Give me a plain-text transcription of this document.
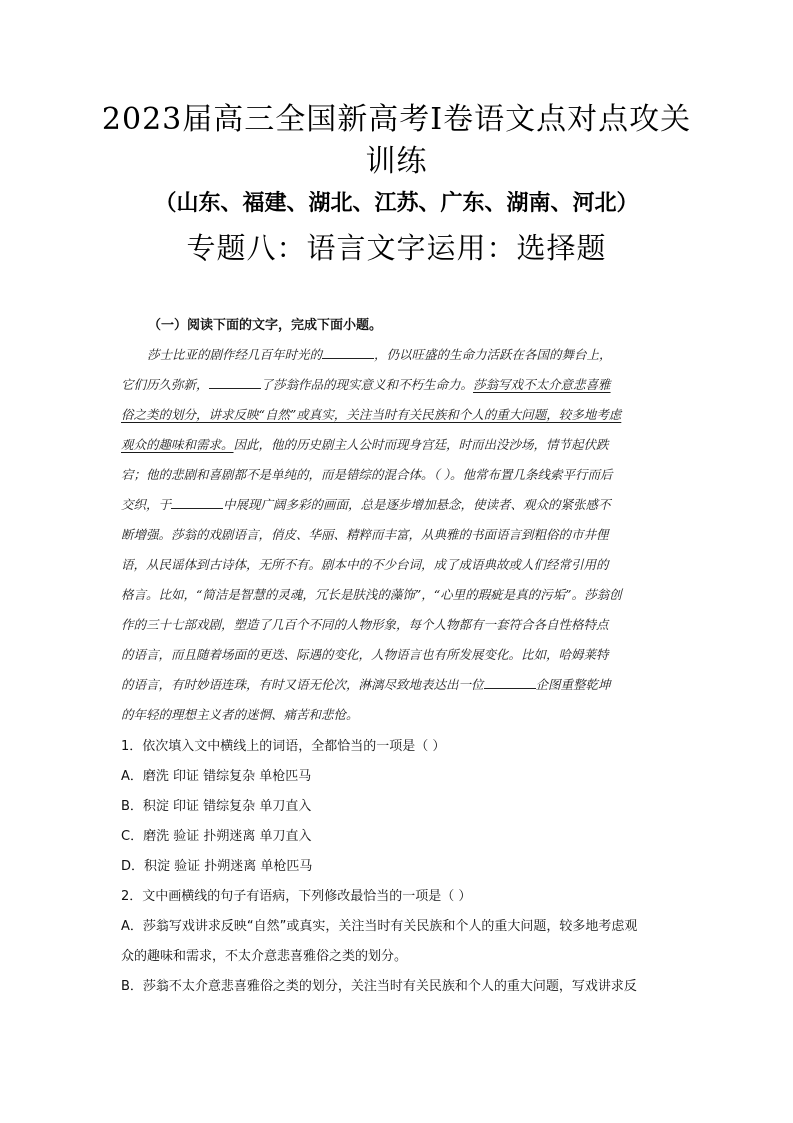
2023届高三全国新高考Ⅰ卷语文点对点攻关
训练
（山东、福建、湖北、江苏、广东、湖南、河北）
专题八：语言文字运用：选择题
（一）阅读下面的文字，完成下面小题。
莎士比亚的剧作经几百年时光的	，仍以旺盛的生命力活跃在各国的舞台上，
它们历久弥新，	了莎翁作品的现实意义和不朽生命力。莎翁写戏不太介意悲喜雅
俗之类的划分，讲求反映“自然”或真实，关注当时有关民族和个人的重大问题，较多地考虑
观众的趣味和需求。因此，他的历史剧主人公时而现身宫廷，时而出没沙场，情节起伏跌
宕；他的悲剧和喜剧都不是单纯的，而是错综的混合体。（ ）。他常布置几条线索平行而后
交织，于	中展现广阔多彩的画面，总是逐步增加悬念，使读者、观众的紧张感不
断增强。莎翁的戏剧语言，俏皮、华丽、精粹而丰富，从典雅的书面语言到粗俗的市井俚
语，从民谣体到古诗体，无所不有。剧本中的不少台词，成了成语典故或人们经常引用的
格言。比如，“简洁是智慧的灵魂，冗长是肤浅的藻饰”，“心里的瑕疵是真的污垢”。莎翁创
作的三十七部戏剧，塑造了几百个不同的人物形象，每个人物都有一套符合各自性格特点
的语言，而且随着场面的更迭、际遇的变化，人物语言也有所发展变化。比如，哈姆莱特
的语言，有时妙语连珠，有时又语无伦次，淋漓尽致地表达出一位	企图重整乾坤
的年轻的理想主义者的迷惘、痛苦和悲怆。
1．依次填入文中横线上的词语，全都恰当的一项是（ ）
A．磨洗 印证 错综复杂 单枪匹马
B．积淀 印证 错综复杂 单刀直入
C．磨洗 验证 扑朔迷离 单刀直入
D．积淀 验证 扑朔迷离 单枪匹马
2．文中画横线的句子有语病，下列修改最恰当的一项是（ ）
A．莎翁写戏讲求反映“自然”或真实，关注当时有关民族和个人的重大问题，较多地考虑观
众的趣味和需求，不太介意悲喜雅俗之类的划分。
B．莎翁不太介意悲喜雅俗之类的划分，关注当时有关民族和个人的重大问题，写戏讲求反
